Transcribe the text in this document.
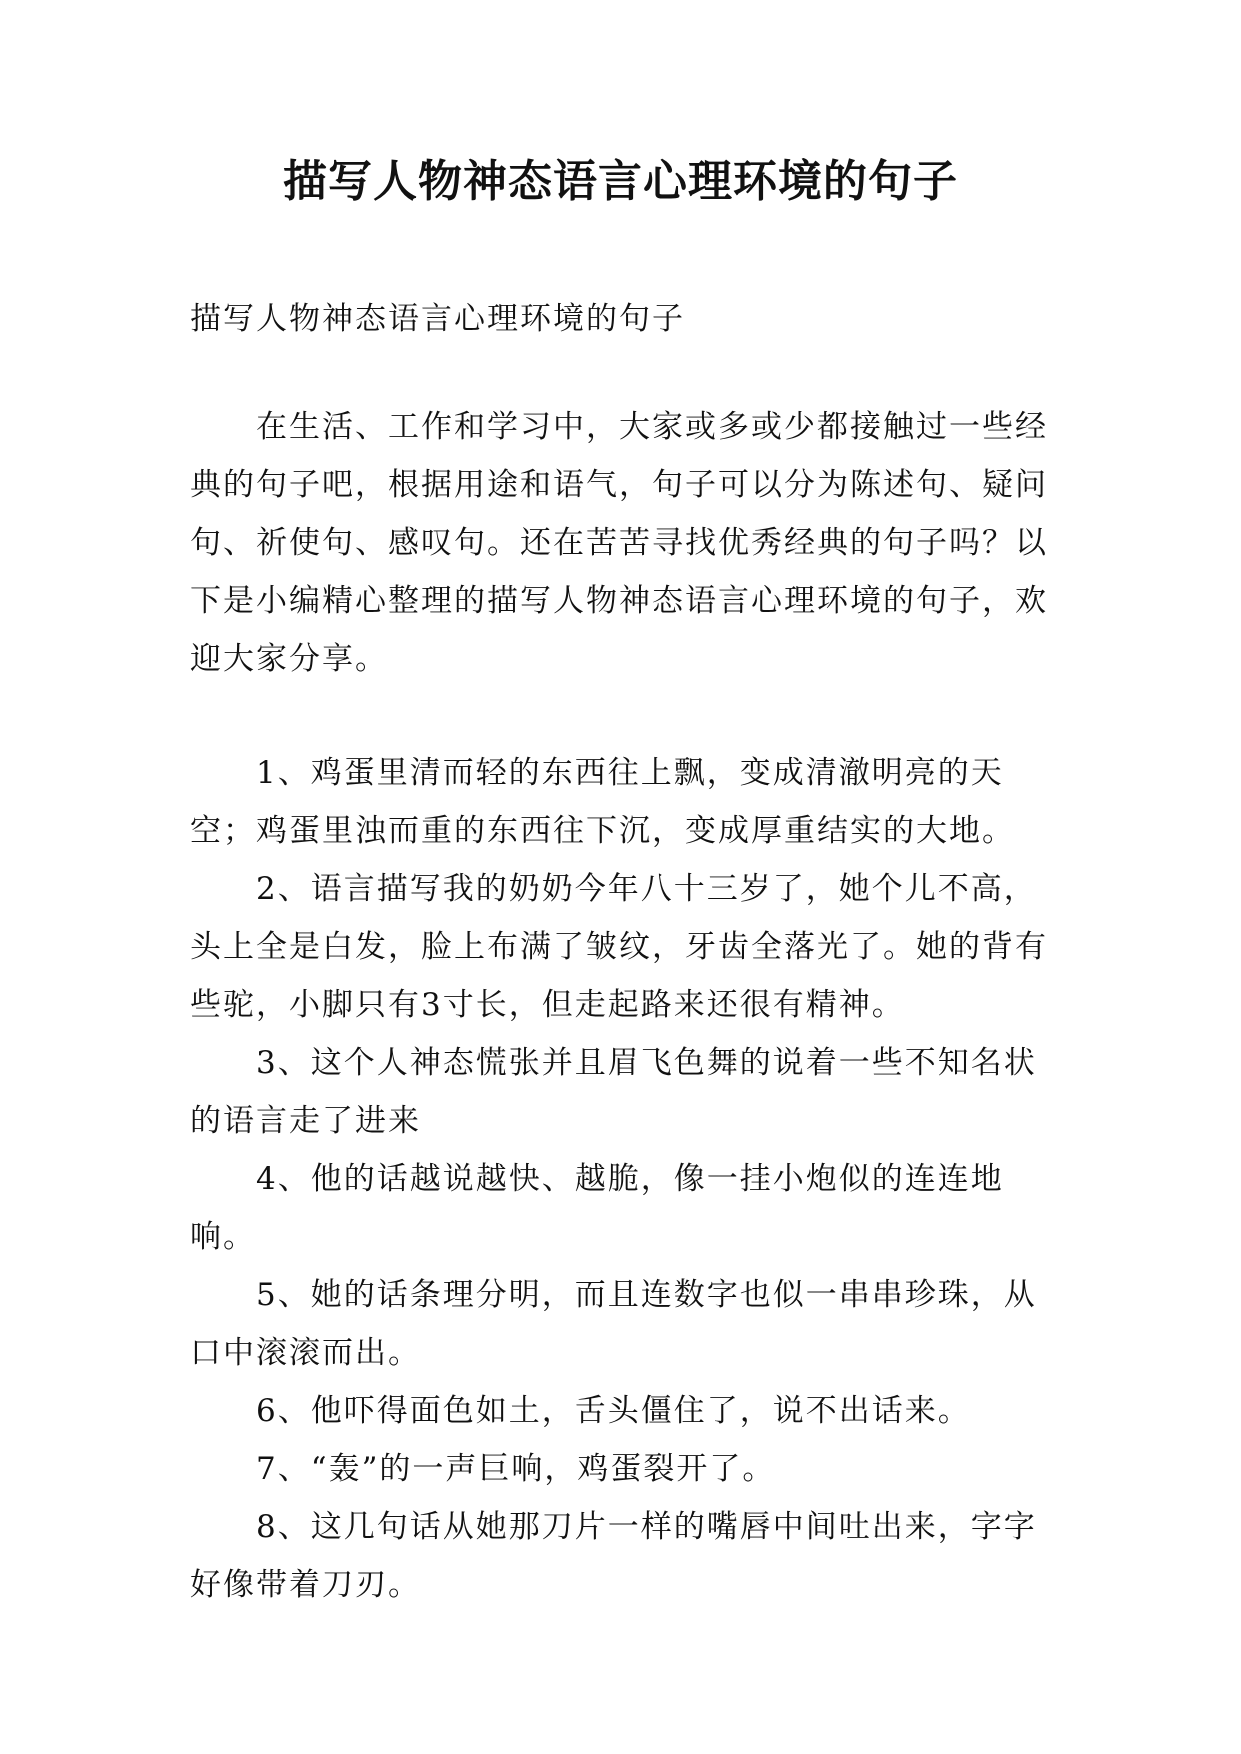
描写人物神态语言心理环境的句子

描写人物神态语言心理环境的句子

在生活、工作和学习中，大家或多或少都接触过一些经典的句子吧，根据用途和语气，句子可以分为陈述句、疑问句、祈使句、感叹句。还在苦苦寻找优秀经典的句子吗？以下是小编精心整理的描写人物神态语言心理环境的句子，欢迎大家分享。

1、鸡蛋里清而轻的东西往上飘，变成清澈明亮的天空；鸡蛋里浊而重的东西往下沉，变成厚重结实的大地。

2、语言描写我的奶奶今年八十三岁了，她个儿不高，头上全是白发，脸上布满了皱纹，牙齿全落光了。她的背有些驼，小脚只有3寸长，但走起路来还很有精神。

3、这个人神态慌张并且眉飞色舞的说着一些不知名状的语言走了进来

4、他的话越说越快、越脆，像一挂小炮似的连连地响。

5、她的话条理分明，而且连数字也似一串串珍珠，从口中滚滚而出。

6、他吓得面色如土，舌头僵住了，说不出话来。

7、“轰”的一声巨响，鸡蛋裂开了。

8、这几句话从她那刀片一样的嘴唇中间吐出来，字字好像带着刀刃。
